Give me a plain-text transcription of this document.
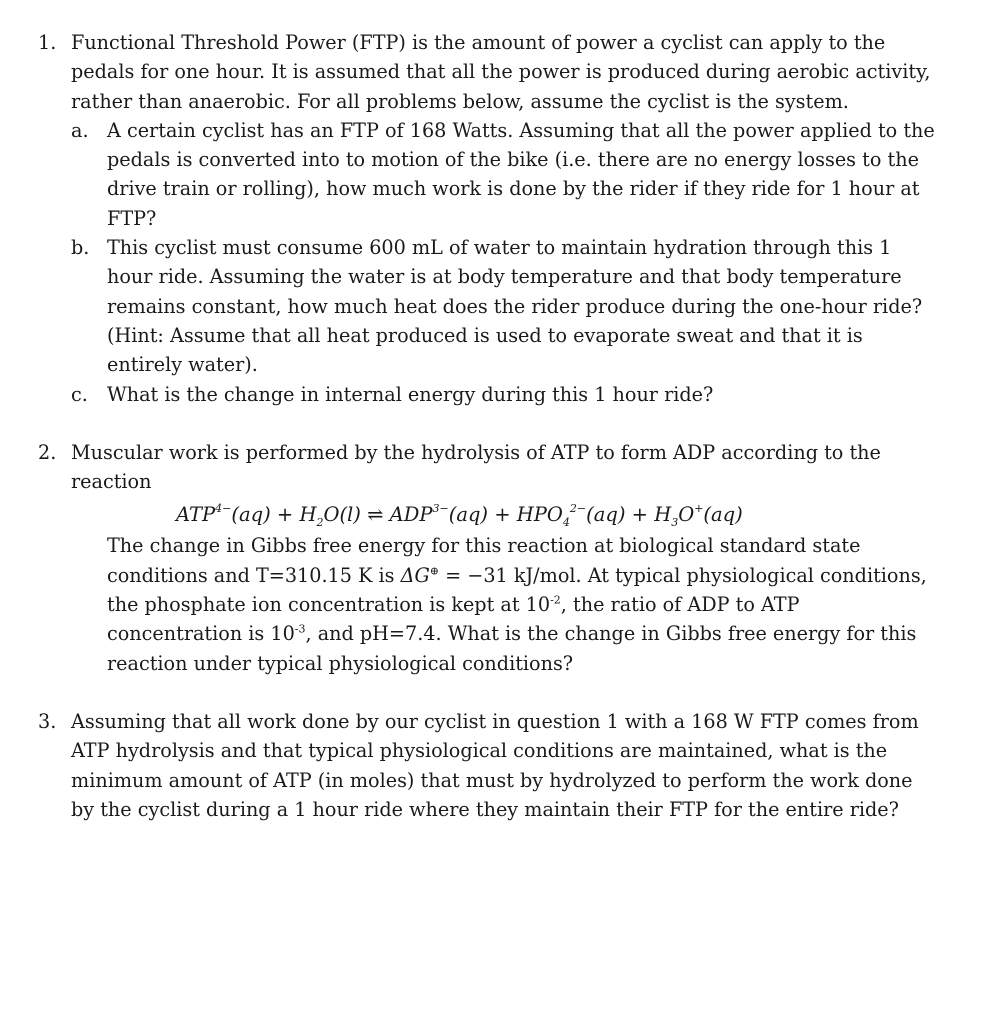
1. Functional Threshold Power (FTP) is the amount of power a cyclist can apply to the pedals for one hour. It is assumed that all the power is produced during aerobic activity, rather than anaerobic. For all problems below, assume the cyclist is the system.
a. A certain cyclist has an FTP of 168 Watts. Assuming that all the power applied to the pedals is converted into to motion of the bike (i.e. there are no energy losses to the drive train or rolling), how much work is done by the rider if they ride for 1 hour at FTP?
b. This cyclist must consume 600 mL of water to maintain hydration through this 1 hour ride. Assuming the water is at body temperature and that body temperature remains constant, how much heat does the rider produce during the one-hour ride? (Hint: Assume that all heat produced is used to evaporate sweat and that it is entirely water).
c. What is the change in internal energy during this 1 hour ride?
2. Muscular work is performed by the hydrolysis of ATP to form ADP according to the reaction
$ATP^{4-}(aq) + H_2O(l)$ ⇌ $ADP^{3-}(aq) + HPO_4^{2-}(aq) + H_3O^+(aq)$
The change in Gibbs free energy for this reaction at biological standard state conditions and T=310.15 K is ΔG⊕ = −31 kJ/mol. At typical physiological conditions, the phosphate ion concentration is kept at $10^{-2}$, the ratio of ADP to ATP concentration is $10^{-3}$, and pH=7.4. What is the change in Gibbs free energy for this reaction under typical physiological conditions?
3. Assuming that all work done by our cyclist in question 1 with a 168 W FTP comes from ATP hydrolysis and that typical physiological conditions are maintained, what is the minimum amount of ATP (in moles) that must by hydrolyzed to perform the work done by the cyclist during a 1 hour ride where they maintain their FTP for the entire ride?
